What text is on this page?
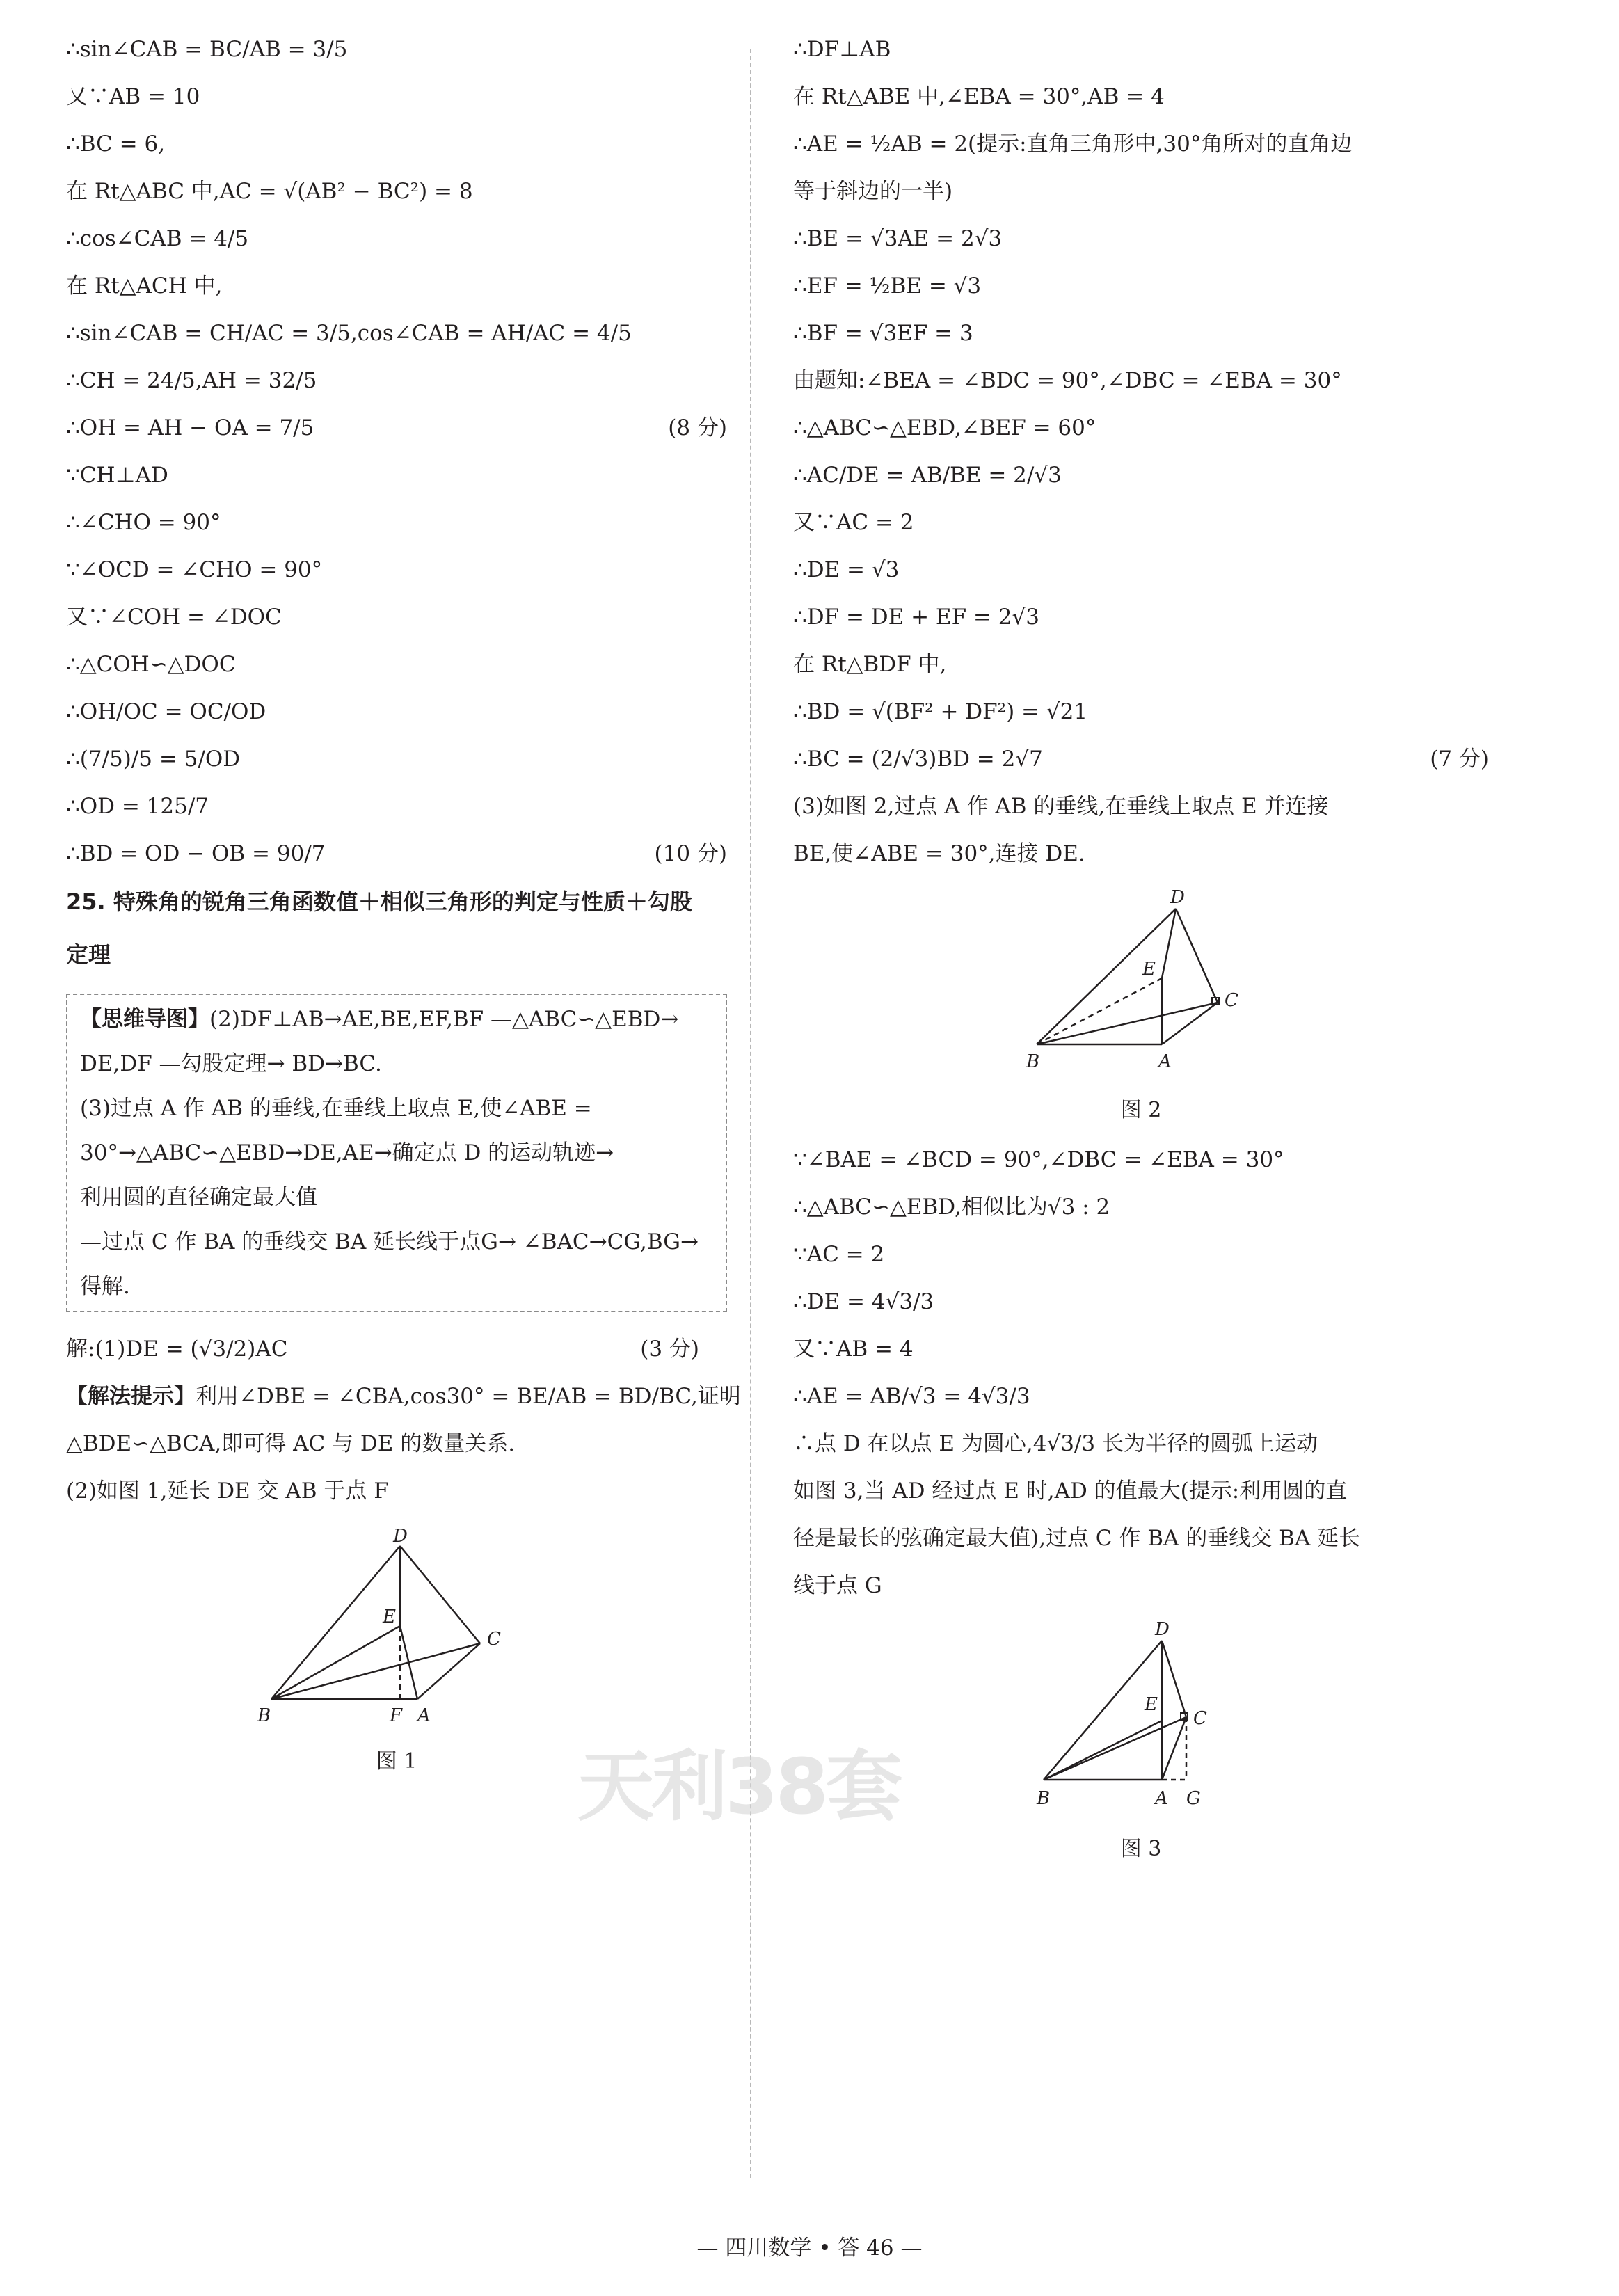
∴sin∠CAB = BC/AB = 3/5
又∵AB = 10
∴BC = 6,
在 Rt△ABC 中,AC = √(AB² − BC²) = 8
∴cos∠CAB = 4/5
在 Rt△ACH 中,
∴sin∠CAB = CH/AC = 3/5,cos∠CAB = AH/AC = 4/5
∴CH = 24/5,AH = 32/5
∴OH = AH − OA = 7/5	(8 分)
∵CH⊥AD
∴∠CHO = 90°
∵∠OCD = ∠CHO = 90°
又∵∠COH = ∠DOC
∴△COH∽△DOC
∴OH/OC = OC/OD
∴(7/5)/5 = 5/OD
∴OD = 125/7
∴BD = OD − OB = 90/7	(10 分)
25. 特殊角的锐角三角函数值＋相似三角形的判定与性质＋勾股
定理
【思维导图】(2)DF⊥AB→AE,BE,EF,BF —△ABC∽△EBD→
DE,DF —勾股定理→ BD→BC.
(3)过点 A 作 AB 的垂线,在垂线上取点 E,使∠ABE =
30°→△ABC∽△EBD→DE,AE→确定点 D 的运动轨迹→
利用圆的直径确定最大值
—过点 C 作 BA 的垂线交 BA 延长线于点G→ ∠BAC→CG,BG→
得解.
解:(1)DE = (√3/2)AC	(3 分)
【解法提示】利用∠DBE = ∠CBA,cos30° = BE/AB = BD/BC,证明
△BDE∽△BCA,即可得 AC 与 DE 的数量关系.
(2)如图 1,延长 DE 交 AB 于点 F
D
E
C
B	F A
图 1
∴DF⊥AB
在 Rt△ABE 中,∠EBA = 30°,AB = 4
∴AE = ½AB = 2(提示:直角三角形中,30°角所对的直角边
等于斜边的一半)
∴BE = √3AE = 2√3
∴EF = ½BE = √3
∴BF = √3EF = 3
由题知:∠BEA = ∠BDC = 90°,∠DBC = ∠EBA = 30°
∴△ABC∽△EBD,∠BEF = 60°
∴AC/DE = AB/BE = 2/√3
又∵AC = 2
∴DE = √3
∴DF = DE + EF = 2√3
在 Rt△BDF 中,
∴BD = √(BF² + DF²) = √21
∴BC = (2/√3)BD = 2√7	(7 分)
(3)如图 2,过点 A 作 AB 的垂线,在垂线上取点 E 并连接
BE,使∠ABE = 30°,连接 DE.
D
E
C
B	A
图 2
∵∠BAE = ∠BCD = 90°,∠DBC = ∠EBA = 30°
∴△ABC∽△EBD,相似比为√3 : 2
∵AC = 2
∴DE = 4√3/3
又∵AB = 4
∴AE = AB/√3 = 4√3/3
∴点 D 在以点 E 为圆心,4√3/3 长为半径的圆弧上运动
如图 3,当 AD 经过点 E 时,AD 的值最大(提示:利用圆的直
径是最长的弦确定最大值),过点 C 作 BA 的垂线交 BA 延长
线于点 G
D
E
C
B	A G
图 3
天利38套
— 四川数学 • 答 46 —
